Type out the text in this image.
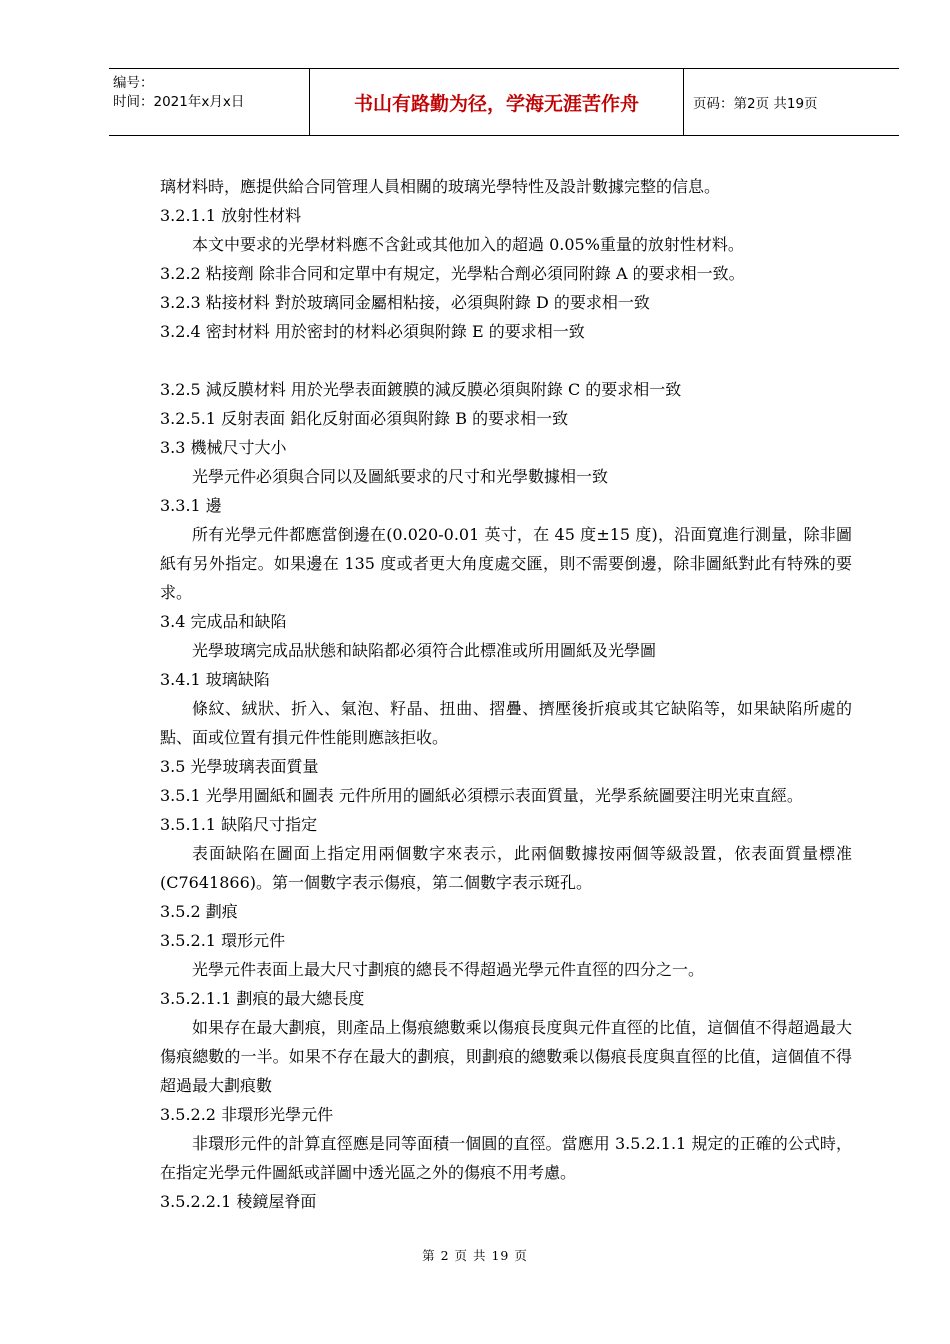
编号：
时间：2021年x月x日	书山有路勤为径，学海无涯苦作舟	页码：第2页 共19页

璃材料時，應提供給合同管理人員相關的玻璃光學特性及設計數據完整的信息。

3.2.1.1 放射性材料

本文中要求的光學材料應不含釷或其他加入的超過 0.05%重量的放射性材料。

3.2.2 粘接劑 除非合同和定單中有規定，光學粘合劑必須同附錄 A 的要求相一致。

3.2.3 粘接材料 對於玻璃同金屬相粘接，必須與附錄 D 的要求相一致

3.2.4 密封材料 用於密封的材料必須與附錄 E 的要求相一致

3.2.5 減反膜材料 用於光學表面鍍膜的減反膜必須與附錄 C 的要求相一致

3.2.5.1 反射表面 鋁化反射面必須與附錄 B 的要求相一致

3.3 機械尺寸大小

光學元件必須與合同以及圖紙要求的尺寸和光學數據相一致

3.3.1 邊

所有光學元件都應當倒邊在(0.020-0.01 英寸，在 45 度±15 度)，沿面寬進行測量，除非圖紙有另外指定。如果邊在 135 度或者更大角度處交匯，則不需要倒邊，除非圖紙對此有特殊的要求。

3.4 完成品和缺陷

光學玻璃完成品狀態和缺陷都必須符合此標准或所用圖紙及光學圖

3.4.1 玻璃缺陷

條紋、絨狀、折入、氣泡、籽晶、扭曲、摺疊、擠壓後折痕或其它缺陷等，如果缺陷所處的點、面或位置有損元件性能則應該拒收。

3.5 光學玻璃表面質量

3.5.1 光學用圖紙和圖表 元件所用的圖紙必須標示表面質量，光學系統圖要注明光束直經。

3.5.1.1 缺陷尺寸指定

表面缺陷在圖面上指定用兩個數字來表示，此兩個數據按兩個等級設置，依表面質量標准(C7641866)。第一個數字表示傷痕，第二個數字表示斑孔。

3.5.2 劃痕

3.5.2.1 環形元件

光學元件表面上最大尺寸劃痕的總長不得超過光學元件直徑的四分之一。

3.5.2.1.1 劃痕的最大總長度

如果存在最大劃痕，則產品上傷痕總數乘以傷痕長度與元件直徑的比值，這個值不得超過最大傷痕總數的一半。如果不存在最大的劃痕，則劃痕的總數乘以傷痕長度與直徑的比值，這個值不得超過最大劃痕數

3.5.2.2 非環形光學元件

非環形元件的計算直徑應是同等面積一個圓的直徑。當應用 3.5.2.1.1 規定的正確的公式時，在指定光學元件圖紙或詳圖中透光區之外的傷痕不用考慮。

3.5.2.2.1 稜鏡屋脊面

第 2 页 共 19 页
